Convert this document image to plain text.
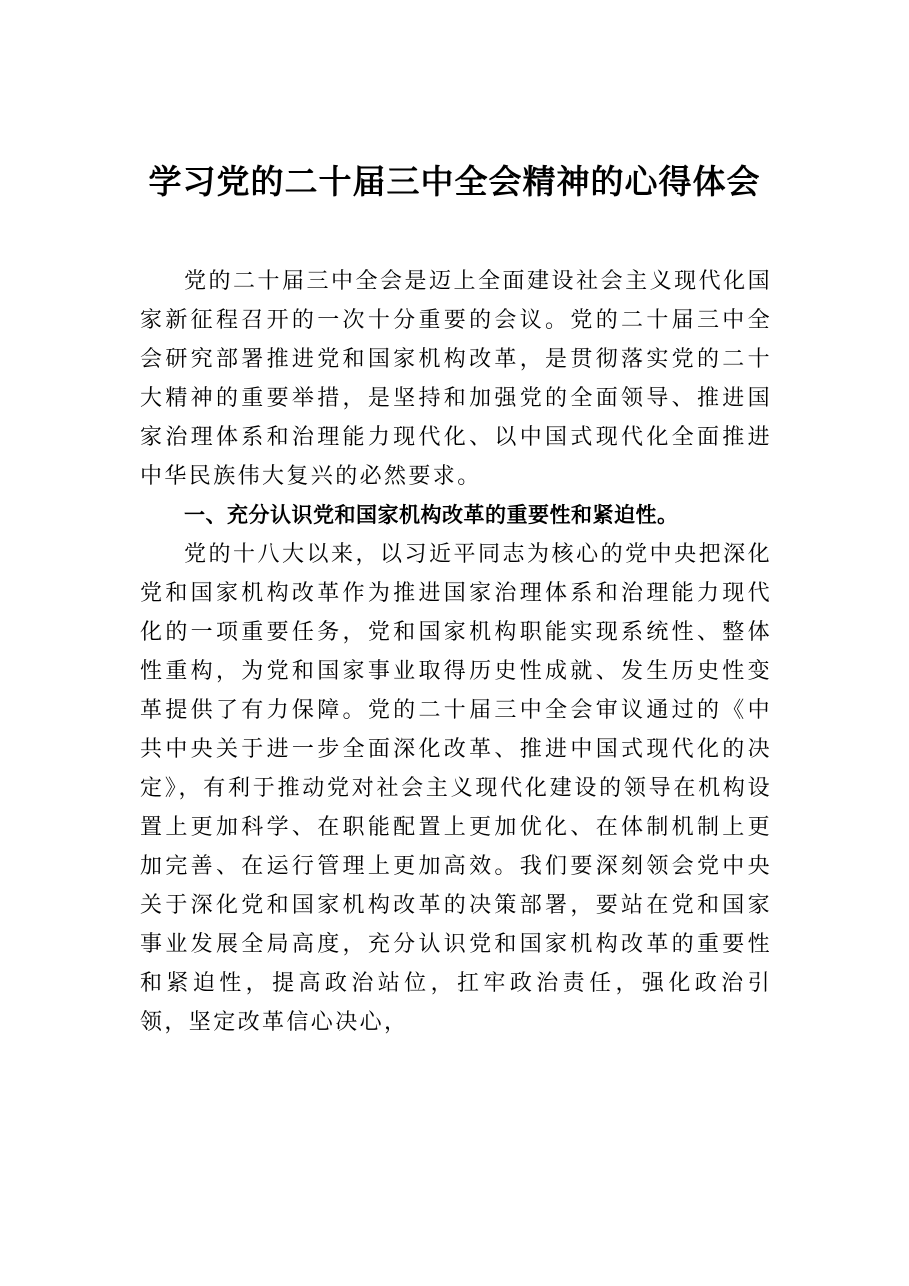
学习党的二十届三中全会精神的心得体会

党的二十届三中全会是迈上全面建设社会主义现代化国家新征程召开的一次十分重要的会议。党的二十届三中全会研究部署推进党和国家机构改革，是贯彻落实党的二十大精神的重要举措，是坚持和加强党的全面领导、推进国家治理体系和治理能力现代化、以中国式现代化全面推进中华民族伟大复兴的必然要求。

一、充分认识党和国家机构改革的重要性和紧迫性。

党的十八大以来，以习近平同志为核心的党中央把深化党和国家机构改革作为推进国家治理体系和治理能力现代化的一项重要任务，党和国家机构职能实现系统性、整体性重构，为党和国家事业取得历史性成就、发生历史性变革提供了有力保障。党的二十届三中全会审议通过的《中共中央关于进一步全面深化改革、推进中国式现代化的决定》，有利于推动党对社会主义现代化建设的领导在机构设置上更加科学、在职能配置上更加优化、在体制机制上更加完善、在运行管理上更加高效。我们要深刻领会党中央关于深化党和国家机构改革的决策部署，要站在党和国家事业发展全局高度，充分认识党和国家机构改革的重要性和紧迫性，提高政治站位，扛牢政治责任，强化政治引领，坚定改革信心决心，
